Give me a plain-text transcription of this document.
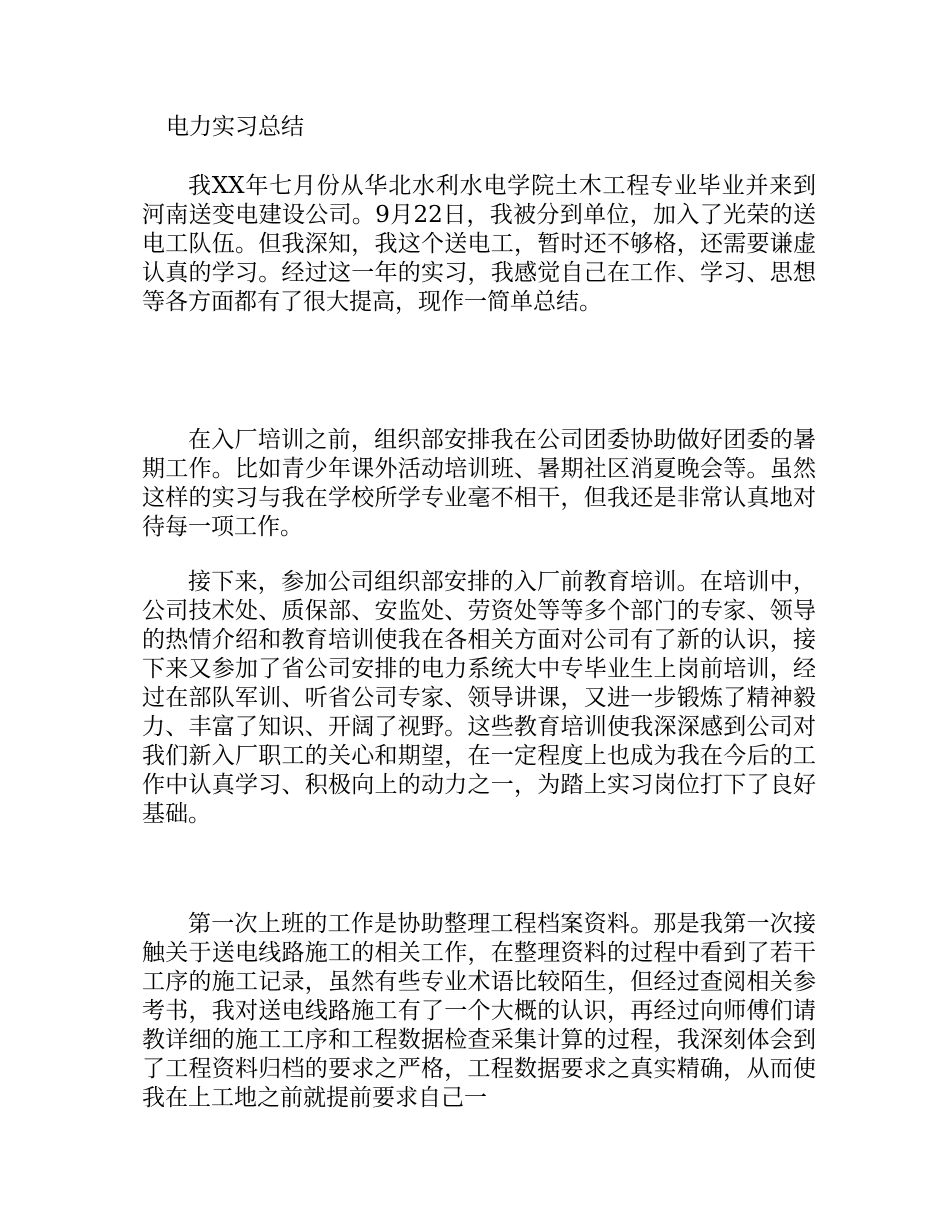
电力实习总结

我XX年七月份从华北水利水电学院土木工程专业毕业并来到河南送变电建设公司。9月22日，我被分到单位，加入了光荣的送电工队伍。但我深知，我这个送电工，暂时还不够格，还需要谦虚认真的学习。经过这一年的实习，我感觉自己在工作、学习、思想等各方面都有了很大提高，现作一简单总结。

在入厂培训之前，组织部安排我在公司团委协助做好团委的暑期工作。比如青少年课外活动培训班、暑期社区消夏晚会等。虽然这样的实习与我在学校所学专业毫不相干，但我还是非常认真地对待每一项工作。

接下来，参加公司组织部安排的入厂前教育培训。在培训中，公司技术处、质保部、安监处、劳资处等等多个部门的专家、领导的热情介绍和教育培训使我在各相关方面对公司有了新的认识，接下来又参加了省公司安排的电力系统大中专毕业生上岗前培训，经过在部队军训、听省公司专家、领导讲课，又进一步锻炼了精神毅力、丰富了知识、开阔了视野。这些教育培训使我深深感到公司对我们新入厂职工的关心和期望，在一定程度上也成为我在今后的工作中认真学习、积极向上的动力之一，为踏上实习岗位打下了良好基础。

第一次上班的工作是协助整理工程档案资料。那是我第一次接触关于送电线路施工的相关工作，在整理资料的过程中看到了若干工序的施工记录，虽然有些专业术语比较陌生，但经过查阅相关参考书，我对送电线路施工有了一个大概的认识，再经过向师傅们请教详细的施工工序和工程数据检查采集计算的过程，我深刻体会到了工程资料归档的要求之严格，工程数据要求之真实精确，从而使我在上工地之前就提前要求自己一
